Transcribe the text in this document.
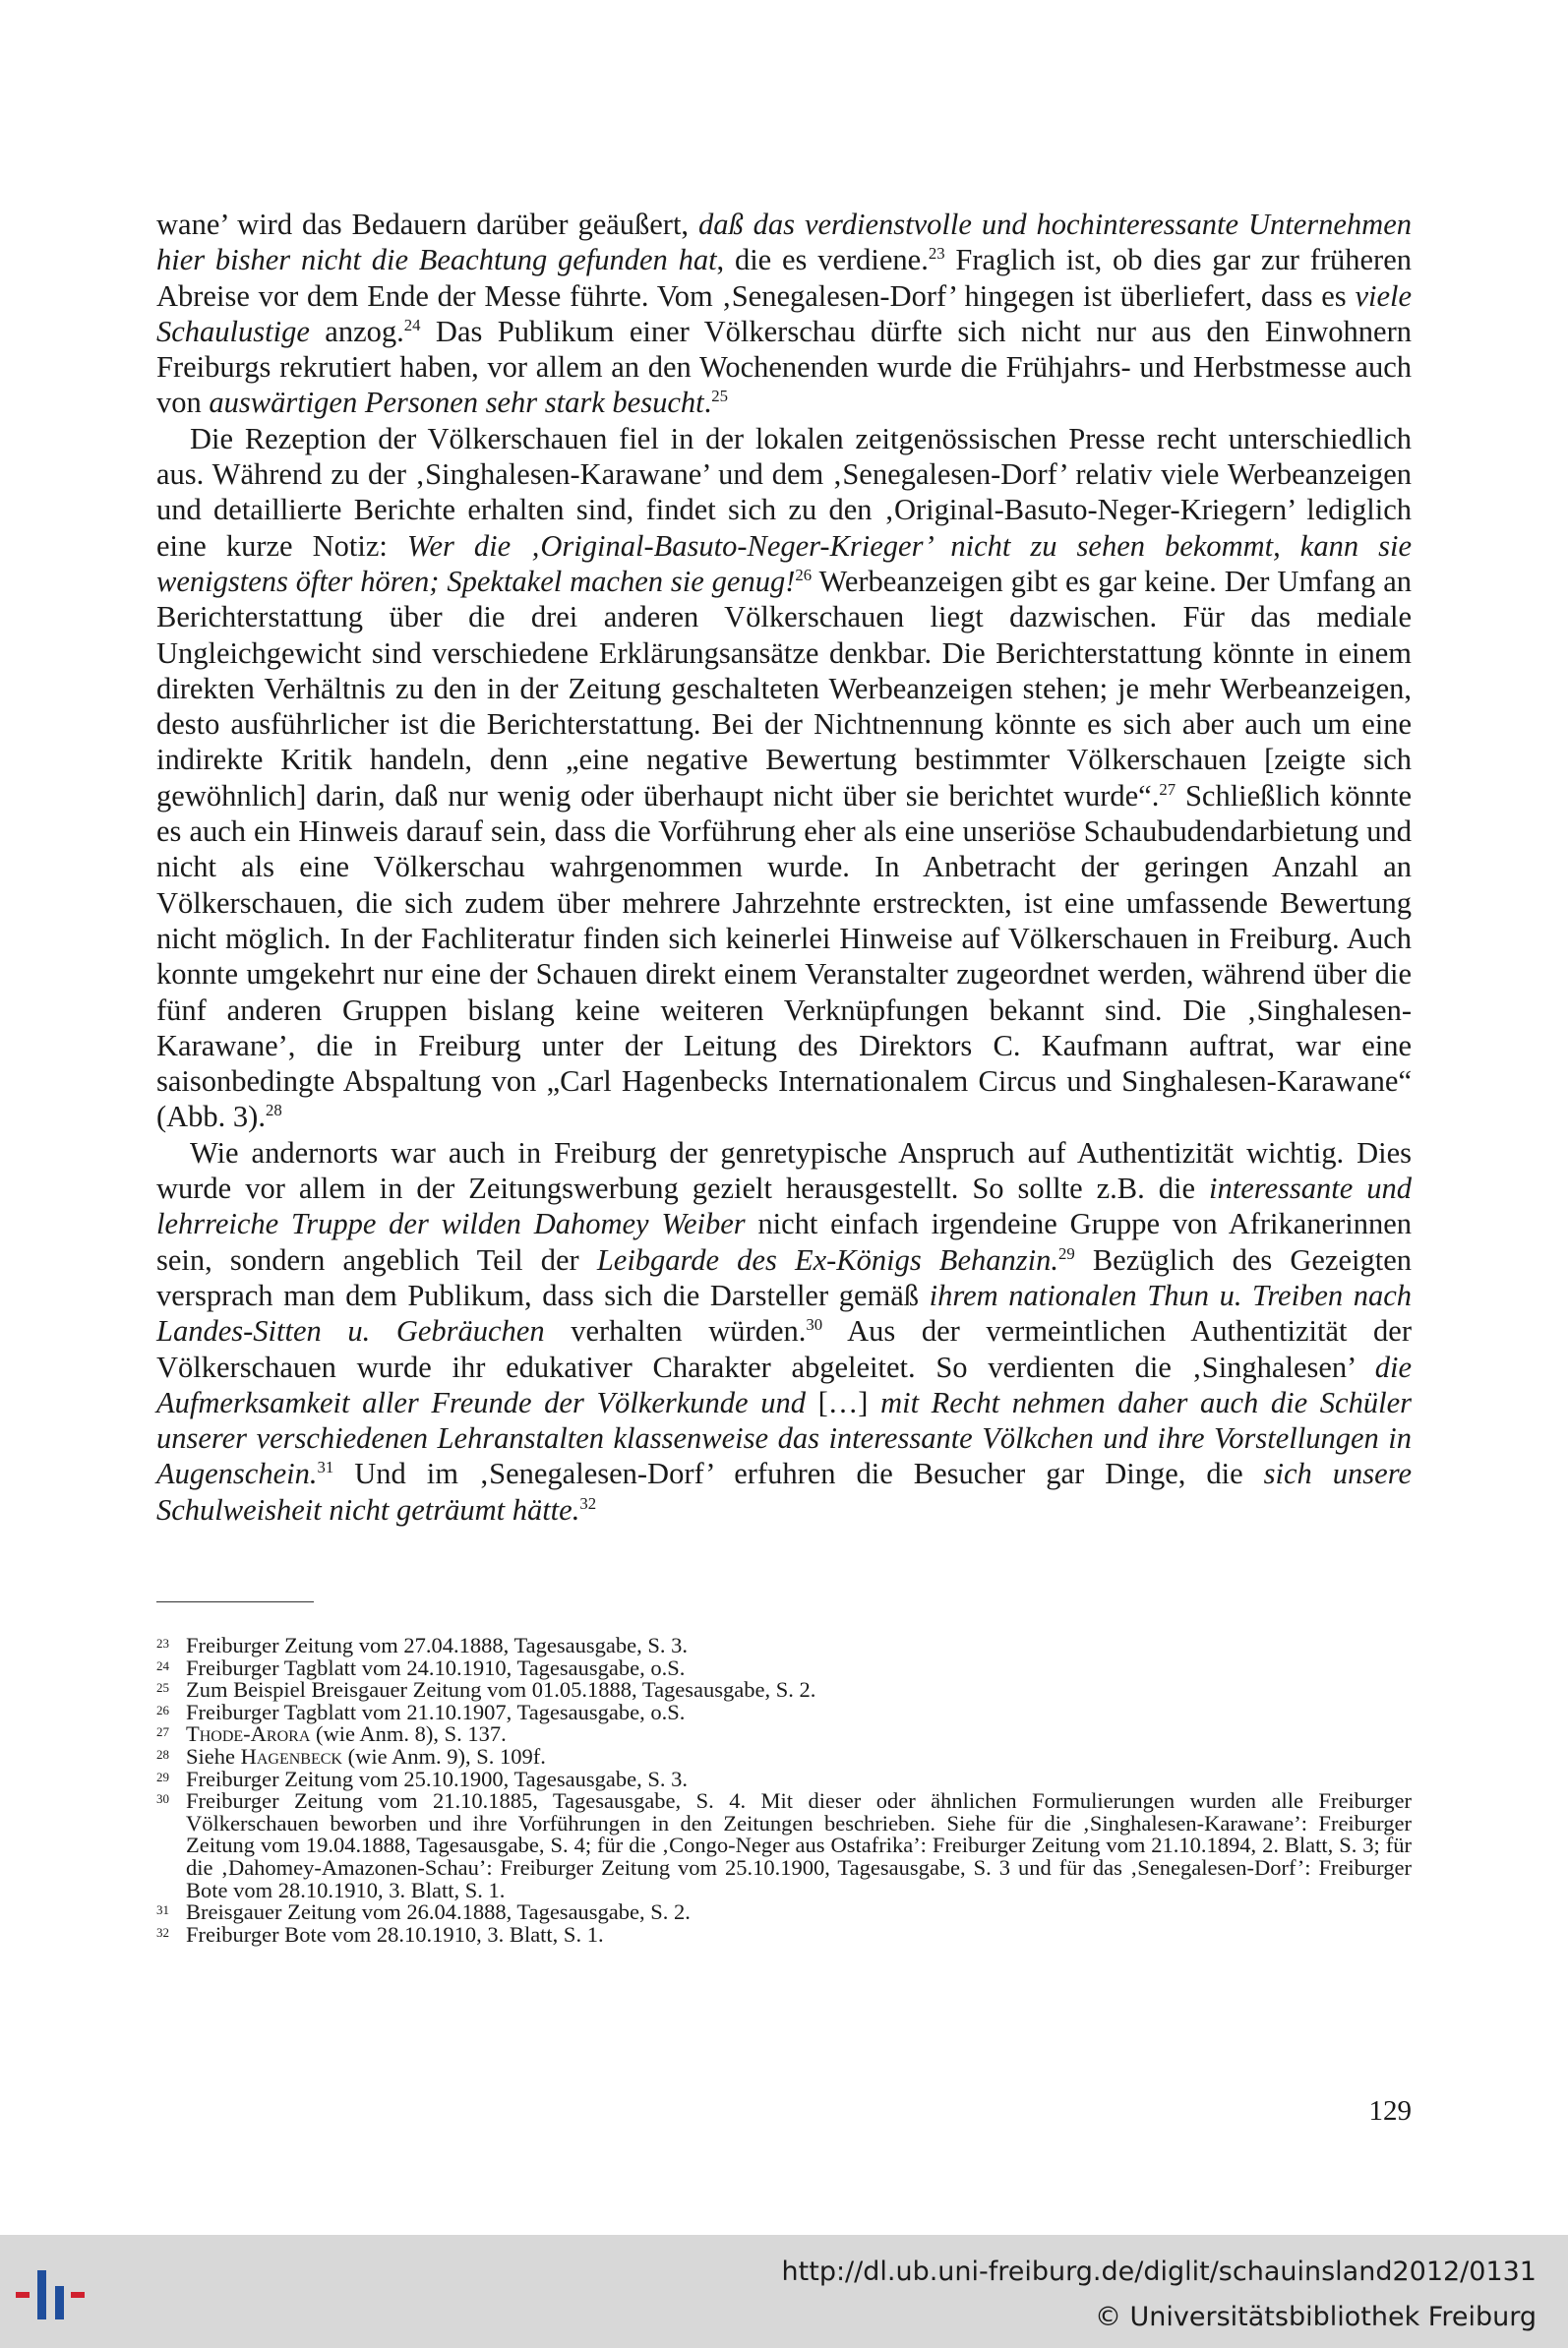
wane’ wird das Bedauern darüber geäußert, daß das verdienstvolle und hochinteressante Unternehmen hier bisher nicht die Beachtung gefunden hat, die es verdiene.$^{23}$ Fraglich ist, ob dies gar zur früheren Abreise vor dem Ende der Messe führte. Vom ‚Senegalesen-Dorf’ hingegen ist überliefert, dass es viele Schaulustige anzog.$^{24}$ Das Publikum einer Völkerschau dürfte sich nicht nur aus den Einwohnern Freiburgs rekrutiert haben, vor allem an den Wochenenden wurde die Frühjahrs- und Herbstmesse auch von auswärtigen Personen sehr stark besucht.$^{25}$

Die Rezeption der Völkerschauen fiel in der lokalen zeitgenössischen Presse recht unterschiedlich aus. Während zu der ‚Singhalesen-Karawane’ und dem ‚Senegalesen-Dorf’ relativ viele Werbeanzeigen und detaillierte Berichte erhalten sind, findet sich zu den ‚Original-Basuto-Neger-Kriegern’ lediglich eine kurze Notiz: Wer die ‚Original-Basuto-Neger-Krieger’ nicht zu sehen bekommt, kann sie wenigstens öfter hören; Spektakel machen sie genug!$^{26}$ Werbeanzeigen gibt es gar keine. Der Umfang an Berichterstattung über die drei anderen Völkerschauen liegt dazwischen. Für das mediale Ungleichgewicht sind verschiedene Erklärungsansätze denkbar. Die Berichterstattung könnte in einem direkten Verhältnis zu den in der Zeitung geschalteten Werbeanzeigen stehen; je mehr Werbeanzeigen, desto ausführlicher ist die Berichterstattung. Bei der Nichtnennung könnte es sich aber auch um eine indirekte Kritik handeln, denn „eine negative Bewertung bestimmter Völkerschauen [zeigte sich gewöhnlich] darin, daß nur wenig oder überhaupt nicht über sie berichtet wurde“.$^{27}$ Schließlich könnte es auch ein Hinweis darauf sein, dass die Vorführung eher als eine unseriöse Schaubudendarbietung und nicht als eine Völkerschau wahrgenommen wurde. In Anbetracht der geringen Anzahl an Völkerschauen, die sich zudem über mehrere Jahrzehnte erstreckten, ist eine umfassende Bewertung nicht möglich. In der Fachliteratur finden sich keinerlei Hinweise auf Völkerschauen in Freiburg. Auch konnte umgekehrt nur eine der Schauen direkt einem Veranstalter zugeordnet werden, während über die fünf anderen Gruppen bislang keine weiteren Verknüpfungen bekannt sind. Die ‚Singhalesen-Karawane’, die in Freiburg unter der Leitung des Direktors C. Kaufmann auftrat, war eine saisonbedingte Abspaltung von „Carl Hagenbecks Internationalem Circus und Singhalesen-Karawane“ (Abb. 3).$^{28}$

Wie andernorts war auch in Freiburg der genretypische Anspruch auf Authentizität wichtig. Dies wurde vor allem in der Zeitungswerbung gezielt herausgestellt. So sollte z.B. die interessante und lehrreiche Truppe der wilden Dahomey Weiber nicht einfach irgendeine Gruppe von Afrikanerinnen sein, sondern angeblich Teil der Leibgarde des Ex-Königs Behanzin.$^{29}$ Bezüglich des Gezeigten versprach man dem Publikum, dass sich die Darsteller gemäß ihrem nationalen Thun u. Treiben nach Landes-Sitten u. Gebräuchen verhalten würden.$^{30}$ Aus der vermeintlichen Authentizität der Völkerschauen wurde ihr edukativer Charakter abgeleitet. So verdienten die ‚Singhalesen’ die Aufmerksamkeit aller Freunde der Völkerkunde und […] mit Recht nehmen daher auch die Schüler unserer verschiedenen Lehranstalten klassenweise das interessante Völkchen und ihre Vorstellungen in Augenschein.$^{31}$ Und im ‚Senegalesen-Dorf’ erfuhren die Besucher gar Dinge, die sich unsere Schulweisheit nicht geträumt hätte.$^{32}$

23 Freiburger Zeitung vom 27.04.1888, Tagesausgabe, S. 3.
24 Freiburger Tagblatt vom 24.10.1910, Tagesausgabe, o.S.
25 Zum Beispiel Breisgauer Zeitung vom 01.05.1888, Tagesausgabe, S. 2.
26 Freiburger Tagblatt vom 21.10.1907, Tagesausgabe, o.S.
27 Thode-Arora (wie Anm. 8), S. 137.
28 Siehe Hagenbeck (wie Anm. 9), S. 109f.
29 Freiburger Zeitung vom 25.10.1900, Tagesausgabe, S. 3.
30 Freiburger Zeitung vom 21.10.1885, Tagesausgabe, S. 4. Mit dieser oder ähnlichen Formulierungen wurden alle Freiburger Völkerschauen beworben und ihre Vorführungen in den Zeitungen beschrieben. Siehe für die ‚Singhalesen-Karawane’: Freiburger Zeitung vom 19.04.1888, Tagesausgabe, S. 4; für die ‚Congo-Neger aus Ostafrika’: Freiburger Zeitung vom 21.10.1894, 2. Blatt, S. 3; für die ‚Dahomey-Amazonen-Schau’: Freiburger Zeitung vom 25.10.1900, Tagesausgabe, S. 3 und für das ‚Senegalesen-Dorf’: Freiburger Bote vom 28.10.1910, 3. Blatt, S. 1.
31 Breisgauer Zeitung vom 26.04.1888, Tagesausgabe, S. 2.
32 Freiburger Bote vom 28.10.1910, 3. Blatt, S. 1.
129
http://dl.ub.uni-freiburg.de/diglit/schauinsland2012/0131
© Universitätsbibliothek Freiburg
